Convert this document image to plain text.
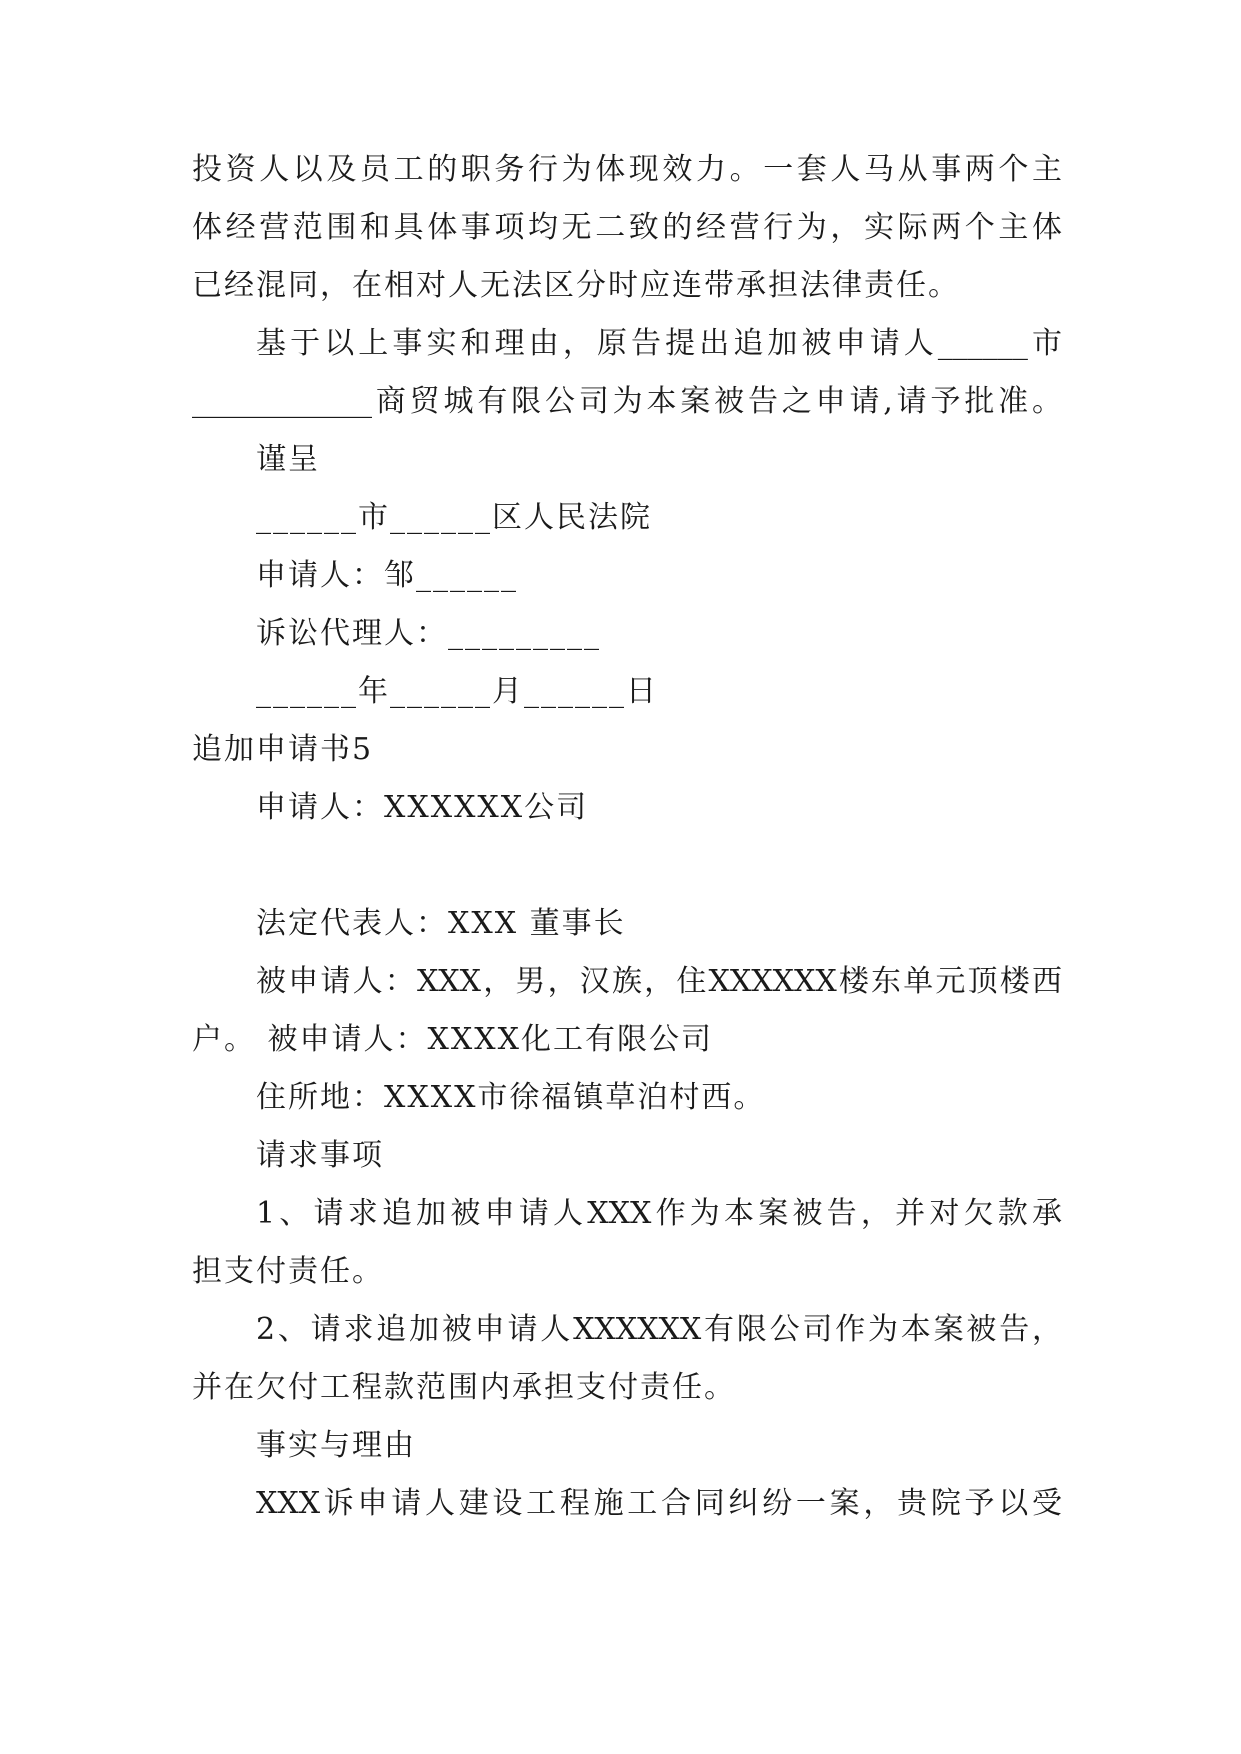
投资人以及员工的职务行为体现效力。一套人马从事两个主
体经营范围和具体事项均无二致的经营行为，实际两个主体
已经混同，在相对人无法区分时应连带承担法律责任。
基于以上事实和理由，原告提出追加被申请人______市
____________商贸城有限公司为本案被告之申请,请予批准。
谨呈
______市______区人民法院
申请人：邹______
诉讼代理人：_________
______年______月______日
追加申请书5
申请人：XXXXXX公司
法定代表人：XXX 董事长
被申请人：XXX，男，汉族，住XXXXXX楼东单元顶楼西
户。 被申请人：XXXX化工有限公司
住所地：XXXX市徐福镇草泊村西。
请求事项
1、请求追加被申请人XXX作为本案被告，并对欠款承
担支付责任。
2、请求追加被申请人XXXXXX有限公司作为本案被告，
并在欠付工程款范围内承担支付责任。
事实与理由
XXX诉申请人建设工程施工合同纠纷一案，贵院予以受
